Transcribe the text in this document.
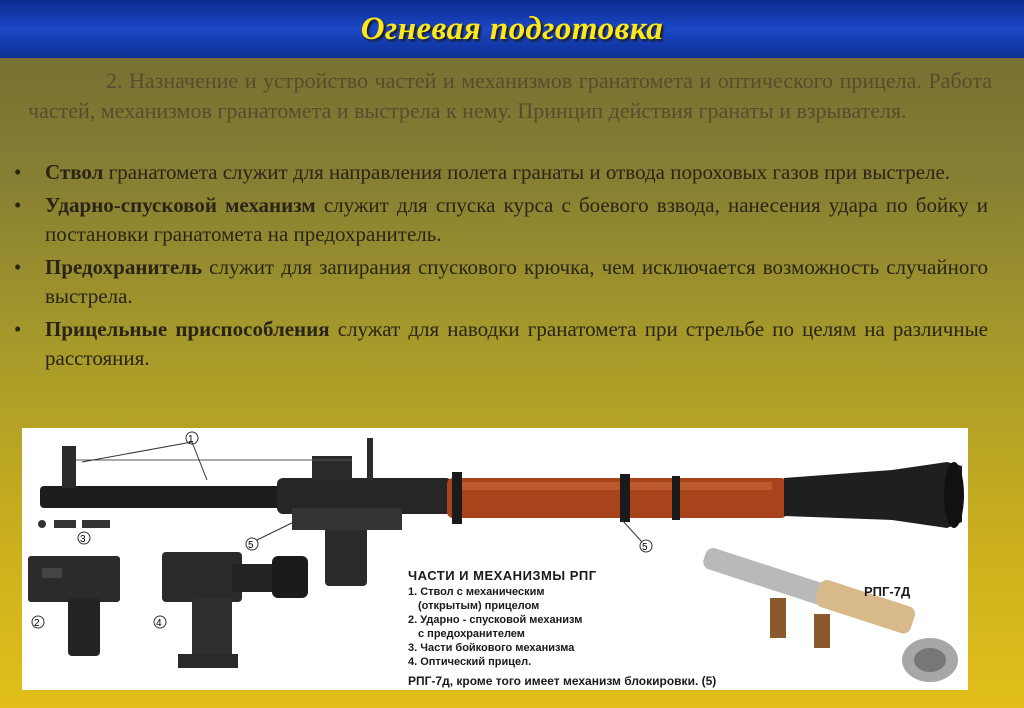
Огневая подготовка
2. Назначение и устройство частей и механизмов гранатомета и оптического прицела. Работа частей, механизмов гранатомета и выстрела к нему. Принцип действия гранаты и взрывателя.
• Ствол гранатомета служит для направления полета гранаты и отвода пороховых газов при выстреле.
• Ударно-спусковой механизм служит для спуска курса с боевого взвода, нанесения удара по бойку и постановки гранатомета на предохранитель.
• Предохранитель служит для запирания спускового крючка, чем исключается возможность случайного выстрела.
• Прицельные приспособления служат для наводки гранатомета при стрельбе по целям на различные расстояния.
1
2
3
4
5	5
ЧАСТИ И МЕХАНИЗМЫ РПГ
1. Ствол с механическим
(открытым) прицелом
2. Ударно - спусковой механизм
с предохранителем
3. Части бойкового механизма
4. Оптический прицел.
РПГ-7д, кроме того имеет механизм блокировки. (5)
РПГ-7Д
